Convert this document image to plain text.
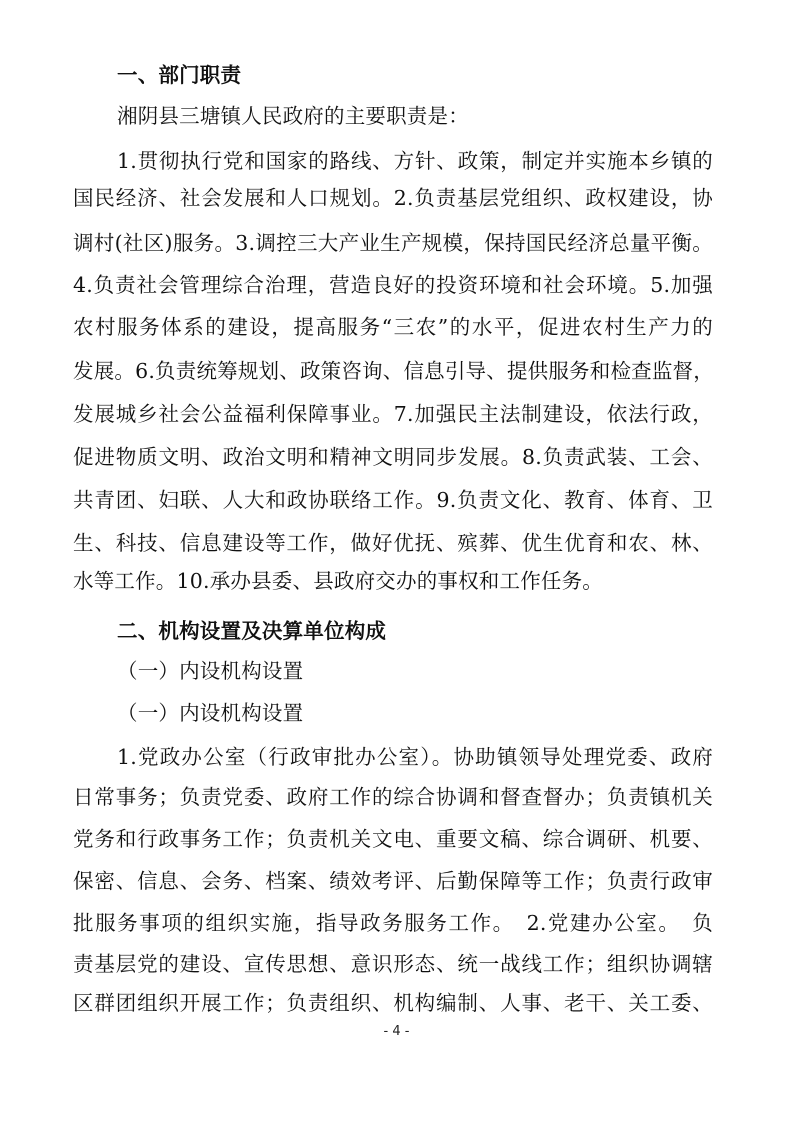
一、部门职责
湘阴县三塘镇人民政府的主要职责是：
1.贯彻执行党和国家的路线、方针、政策，制定并实施本乡镇的
国民经济、社会发展和人口规划。2.负责基层党组织、政权建设，协
调村(社区)服务。3.调控三大产业生产规模，保持国民经济总量平衡。
4.负责社会管理综合治理，营造良好的投资环境和社会环境。5.加强
农村服务体系的建设，提高服务“三农”的水平，促进农村生产力的
发展。6.负责统筹规划、政策咨询、信息引导、提供服务和检查监督，
发展城乡社会公益福利保障事业。7.加强民主法制建设，依法行政，
促进物质文明、政治文明和精神文明同步发展。8.负责武装、工会、
共青团、妇联、人大和政协联络工作。9.负责文化、教育、体育、卫
生、科技、信息建设等工作，做好优抚、殡葬、优生优育和农、林、
水等工作。10.承办县委、县政府交办的事权和工作任务。
二、机构设置及决算单位构成
（一）内设机构设置
（一）内设机构设置
1.党政办公室（行政审批办公室）。协助镇领导处理党委、政府
日常事务；负责党委、政府工作的综合协调和督查督办；负责镇机关
党务和行政事务工作；负责机关文电、重要文稿、综合调研、机要、
保密、信息、会务、档案、绩效考评、后勤保障等工作；负责行政审
批服务事项的组织实施，指导政务服务工作。　2.党建办公室。　负
责基层党的建设、宣传思想、意识形态、统一战线工作；组织协调辖
区群团组织开展工作；负责组织、机构编制、人事、老干、关工委、
- 4 -
